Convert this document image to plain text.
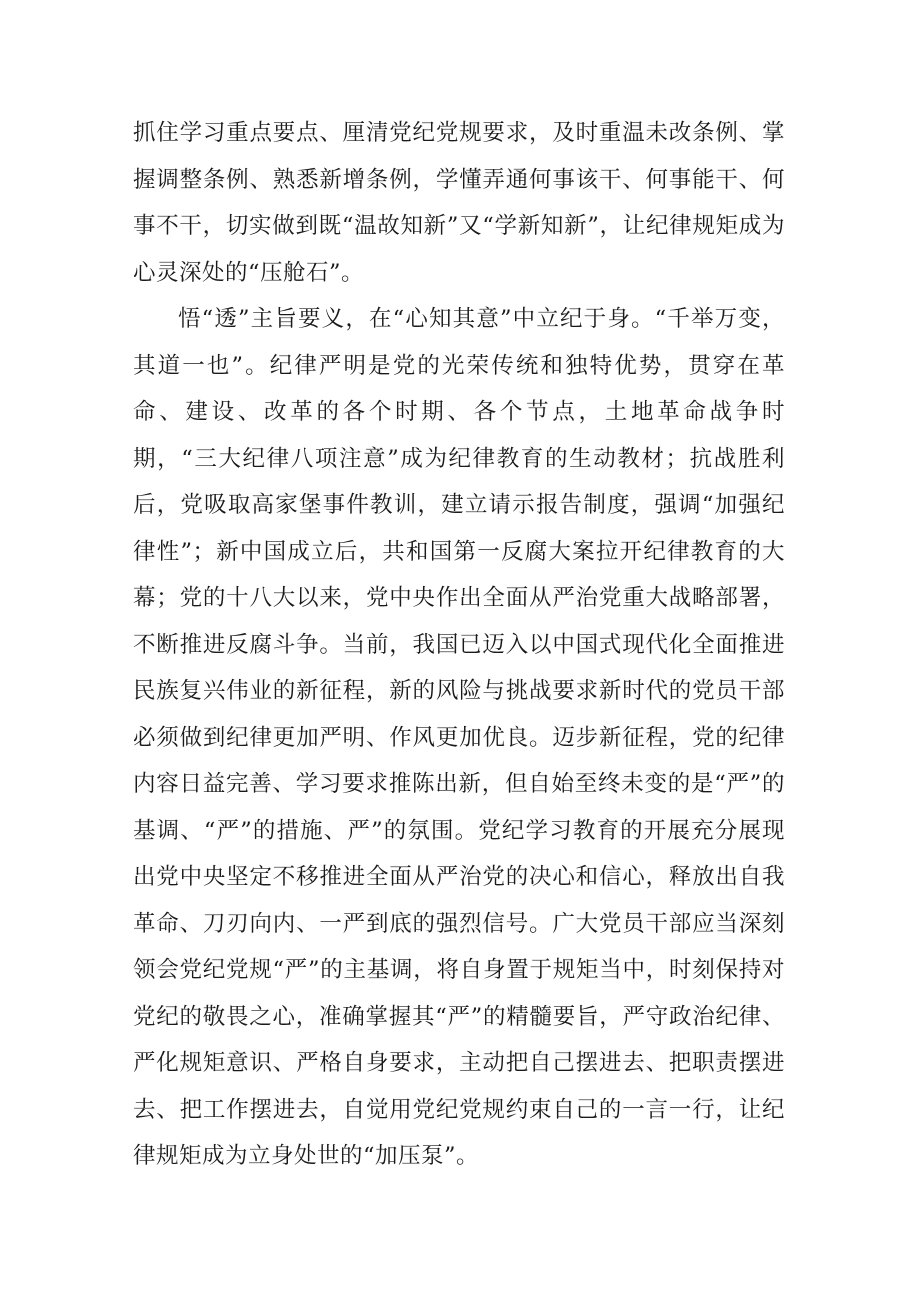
抓住学习重点要点、厘清党纪党规要求，及时重温未改条例、掌握调整条例、熟悉新增条例，学懂弄通何事该干、何事能干、何事不干，切实做到既“温故知新”又“学新知新”，让纪律规矩成为心灵深处的“压舱石”。

悟“透”主旨要义，在“心知其意”中立纪于身。“千举万变，其道一也”。纪律严明是党的光荣传统和独特优势，贯穿在革命、建设、改革的各个时期、各个节点，土地革命战争时期，“三大纪律八项注意”成为纪律教育的生动教材；抗战胜利后，党吸取高家堡事件教训，建立请示报告制度，强调“加强纪律性”；新中国成立后，共和国第一反腐大案拉开纪律教育的大幕；党的十八大以来，党中央作出全面从严治党重大战略部署，不断推进反腐斗争。当前，我国已迈入以中国式现代化全面推进民族复兴伟业的新征程，新的风险与挑战要求新时代的党员干部必须做到纪律更加严明、作风更加优良。迈步新征程，党的纪律内容日益完善、学习要求推陈出新，但自始至终未变的是“严”的基调、“严”的措施、严”的氛围。党纪学习教育的开展充分展现出党中央坚定不移推进全面从严治党的决心和信心，释放出自我革命、刀刃向内、一严到底的强烈信号。广大党员干部应当深刻领会党纪党规“严”的主基调，将自身置于规矩当中，时刻保持对党纪的敬畏之心，准确掌握其“严”的精髓要旨，严守政治纪律、严化规矩意识、严格自身要求，主动把自己摆进去、把职责摆进去、把工作摆进去，自觉用党纪党规约束自己的一言一行，让纪律规矩成为立身处世的“加压泵”。
